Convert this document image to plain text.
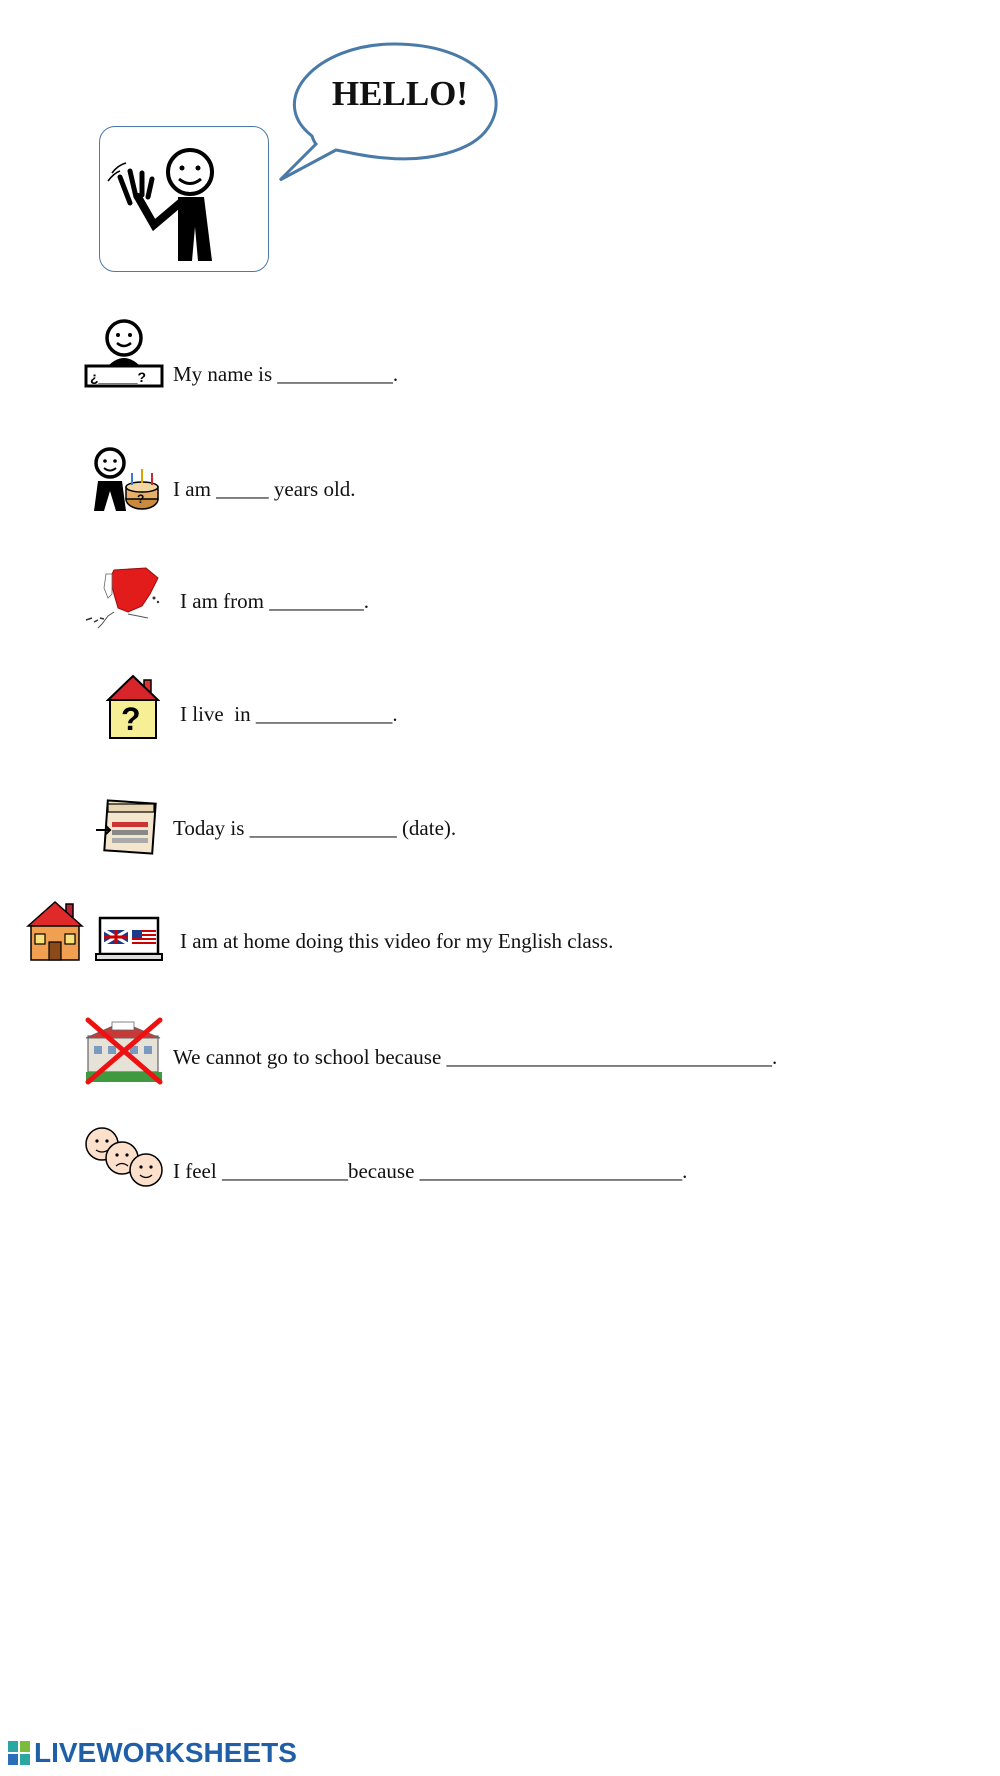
HELLO!
¿_____? My name is ___________.
? I am _____ years old.
I am from _________.
? I live  in _____________.
Today is ______________ (date).
I am at home doing this video for my English class.
We cannot go to school because _______________________________.
I feel ____________because _________________________.
LIVEWORKSHEETS
